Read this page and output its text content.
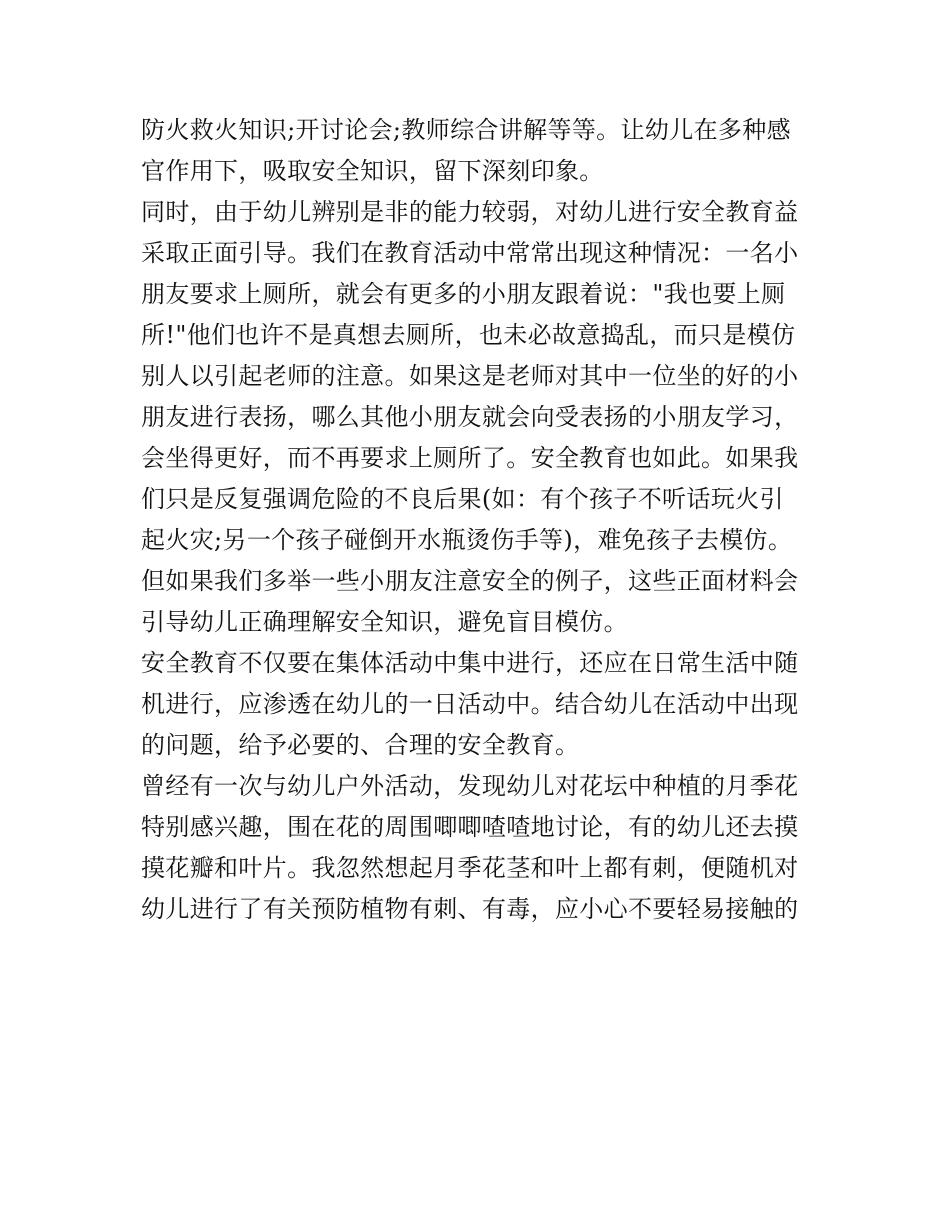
防火救火知识;开讨论会;教师综合讲解等等。让幼儿在多种感
官作用下，吸取安全知识，留下深刻印象。
同时，由于幼儿辨别是非的能力较弱，对幼儿进行安全教育益
采取正面引导。我们在教育活动中常常出现这种情况：一名小
朋友要求上厕所，就会有更多的小朋友跟着说："我也要上厕
所!"他们也许不是真想去厕所，也未必故意捣乱，而只是模仿
别人以引起老师的注意。如果这是老师对其中一位坐的好的小
朋友进行表扬，哪么其他小朋友就会向受表扬的小朋友学习，
会坐得更好，而不再要求上厕所了。安全教育也如此。如果我
们只是反复强调危险的不良后果(如：有个孩子不听话玩火引
起火灾;另一个孩子碰倒开水瓶烫伤手等)，难免孩子去模仿。
但如果我们多举一些小朋友注意安全的例子，这些正面材料会
引导幼儿正确理解安全知识，避免盲目模仿。
安全教育不仅要在集体活动中集中进行，还应在日常生活中随
机进行，应渗透在幼儿的一日活动中。结合幼儿在活动中出现
的问题，给予必要的、合理的安全教育。
曾经有一次与幼儿户外活动，发现幼儿对花坛中种植的月季花
特别感兴趣，围在花的周围唧唧喳喳地讨论，有的幼儿还去摸
摸花瓣和叶片。我忽然想起月季花茎和叶上都有刺，便随机对
幼儿进行了有关预防植物有刺、有毒，应小心不要轻易接触的
